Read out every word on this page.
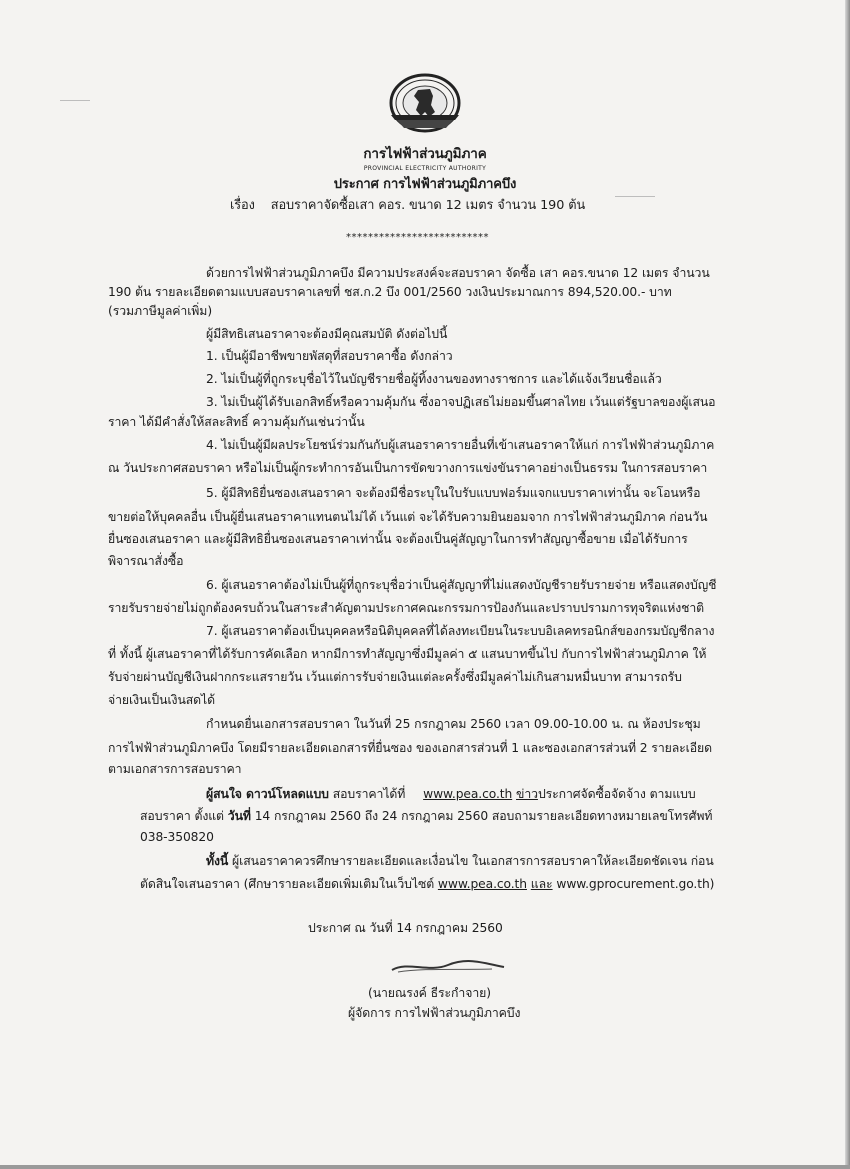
การไฟฟ้าส่วนภูมิภาค
PROVINCIAL ELECTRICITY AUTHORITY
ประกาศ การไฟฟ้าส่วนภูมิภาคบึง
เรื่อง สอบราคาจัดซื้อเสา คอร. ขนาด 12 เมตร จำนวน 190 ต้น
**************************
ด้วยการไฟฟ้าส่วนภูมิภาคบึง มีความประสงค์จะสอบราคา จัดซื้อ เสา คอร.ขนาด 12 เมตร จำนวน
190 ต้น รายละเอียดตามแบบสอบราคาเลขที่ ชส.ก.2 บึง 001/2560 วงเงินประมาณการ 894,520.00.- บาท
(รวมภาษีมูลค่าเพิ่ม)
ผู้มีสิทธิเสนอราคาจะต้องมีคุณสมบัติ ดังต่อไปนี้
1. เป็นผู้มีอาชีพขายพัสดุที่สอบราคาซื้อ ดังกล่าว
2. ไม่เป็นผู้ที่ถูกระบุชื่อไว้ในบัญชีรายชื่อผู้ทิ้งงานของทางราชการ และได้แจ้งเวียนชื่อแล้ว
3. ไม่เป็นผู้ได้รับเอกสิทธิ์หรือความคุ้มกัน ซึ่งอาจปฏิเสธไม่ยอมขึ้นศาลไทย เว้นแต่รัฐบาลของผู้เสนอ
ราคา ได้มีคำสั่งให้สละสิทธิ์ ความคุ้มกันเช่นว่านั้น
4. ไม่เป็นผู้มีผลประโยชน์ร่วมกันกับผู้เสนอราคารายอื่นที่เข้าเสนอราคาให้แก่ การไฟฟ้าส่วนภูมิภาค
ณ วันประกาศสอบราคา หรือไม่เป็นผู้กระทำการอันเป็นการขัดขวางการแข่งขันราคาอย่างเป็นธรรม ในการสอบราคา
5. ผู้มีสิทธิยื่นซองเสนอราคา จะต้องมีชื่อระบุในใบรับแบบฟอร์มแจกแบบราคาเท่านั้น จะโอนหรือ
ขายต่อให้บุคคลอื่น เป็นผู้ยื่นเสนอราคาแทนตนไม่ได้ เว้นแต่ จะได้รับความยินยอมจาก การไฟฟ้าส่วนภูมิภาค ก่อนวัน
ยื่นซองเสนอราคา และผู้มีสิทธิยื่นซองเสนอราคาเท่านั้น จะต้องเป็นคู่สัญญาในการทำสัญญาซื้อขาย เมื่อได้รับการ
พิจารณาสั่งซื้อ
6. ผู้เสนอราคาต้องไม่เป็นผู้ที่ถูกระบุชื่อว่าเป็นคู่สัญญาที่ไม่แสดงบัญชีรายรับรายจ่าย หรือแสดงบัญชี
รายรับรายจ่ายไม่ถูกต้องครบถ้วนในสาระสำคัญตามประกาศคณะกรรมการป้องกันและปราบปรามการทุจริตแห่งชาติ
7. ผู้เสนอราคาต้องเป็นบุคคลหรือนิติบุคคลที่ได้ลงทะเบียนในระบบอิเลคทรอนิกส์ของกรมบัญชีกลาง
ที่ ทั้งนี้ ผู้เสนอราคาที่ได้รับการคัดเลือก หากมีการทำสัญญาซึ่งมีมูลค่า ๕ แสนบาทขึ้นไป กับการไฟฟ้าส่วนภูมิภาค ให้
รับจ่ายผ่านบัญชีเงินฝากกระแสรายวัน เว้นแต่การรับจ่ายเงินแต่ละครั้งซึ่งมีมูลค่าไม่เกินสามหมื่นบาท สามารถรับ
จ่ายเงินเป็นเงินสดได้
กำหนดยื่นเอกสารสอบราคา ในวันที่ 25 กรกฎาคม 2560 เวลา 09.00-10.00 น. ณ ห้องประชุม
การไฟฟ้าส่วนภูมิภาคบึง โดยมีรายละเอียดเอกสารที่ยื่นซอง ของเอกสารส่วนที่ 1 และซองเอกสารส่วนที่ 2 รายละเอียด
ตามเอกสารการสอบราคา
ผู้สนใจ ดาวน์โหลดแบบ สอบราคาได้ที่ www.pea.co.th ข่าวประกาศจัดซื้อจัดจ้าง ตามแบบ
สอบราคา ตั้งแต่ วันที่ 14 กรกฎาคม 2560 ถึง 24 กรกฎาคม 2560 สอบถามรายละเอียดทางหมายเลขโทรศัพท์
038-350820
ทั้งนี้ ผู้เสนอราคาควรศึกษารายละเอียดและเงื่อนไข ในเอกสารการสอบราคาให้ละเอียดชัดเจน ก่อน
ตัดสินใจเสนอราคา (ศึกษารายละเอียดเพิ่มเติมในเว็บไซต์ www.pea.co.th และ www.gprocurement.go.th)
ประกาศ ณ วันที่ 14 กรกฎาคม 2560
(นายณรงค์ ธีระกำจาย)
ผู้จัดการ การไฟฟ้าส่วนภูมิภาคบึง
